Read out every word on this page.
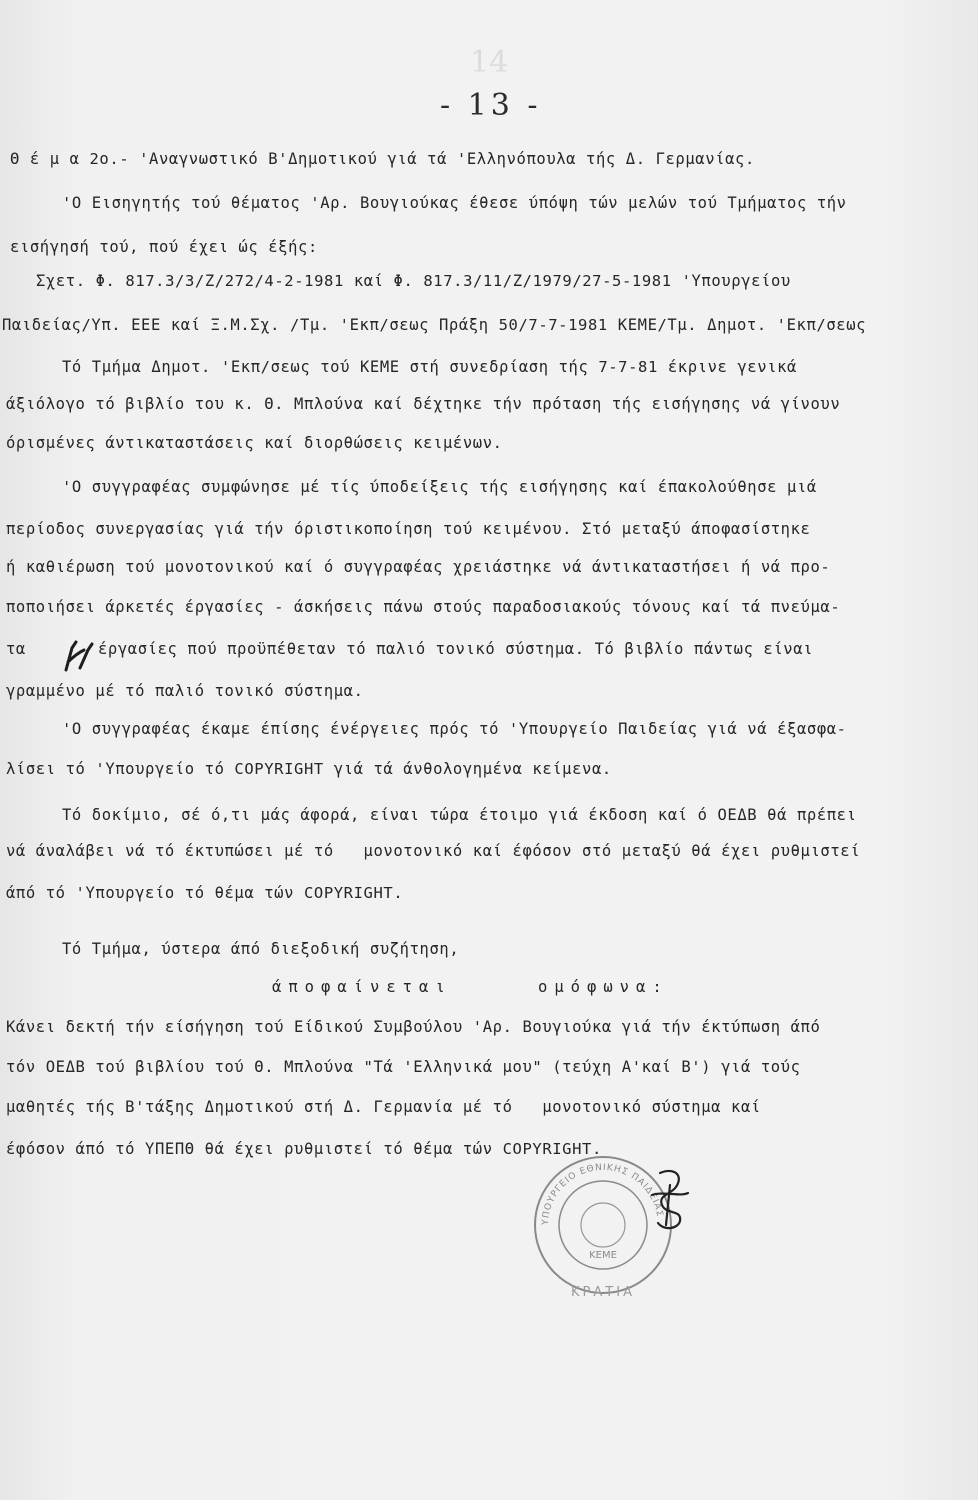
14
- 13 -
Θ έ μ α 2ο.- 'Αναγνωστικό Β'Δημοτικού γιά τά 'Ελληνόπουλα τής Δ. Γερμανίας.
'Ο Εισηγητής τού θέματος 'Αρ. Βουγιούκας έθεσε ύπόψη τών μελών τού Τμήματος τήν
εισήγησή τού, πού έχει ώς έξής:
Σχετ. Φ. 817.3/3/Ζ/272/4-2-1981 καί Φ. 817.3/11/Ζ/1979/27-5-1981 'Υπουργείου
Παιδείας/Υπ. ΕΕΕ καί Ξ.Μ.Σχ. /Τμ. 'Εκπ/σεως Πράξη 50/7-7-1981 ΚΕΜΕ/Τμ. Δημοτ. 'Εκπ/σεως
Τό Τμήμα Δημοτ. 'Εκπ/σεως τού ΚΕΜΕ στή συνεδρίαση τής 7-7-81 έκρινε γενικά
άξιόλογο τό βιβλίο του κ. Θ. Μπλούνα καί δέχτηκε τήν πρόταση τής εισήγησης νά γίνουν
όρισμένες άντικαταστάσεις καί διορθώσεις κειμένων.
'Ο συγγραφέας συμφώνησε μέ τίς ύποδείξεις τής εισήγησης καί έπακολούθησε μιά
περίοδος συνεργασίας γιά τήν όριστικοποίηση τού κειμένου. Στό μεταξύ άποφασίστηκε
ή καθιέρωση τού μονοτονικού καί ό συγγραφέας χρειάστηκε νά άντικαταστήσει ή νά προ-
ποποιήσει άρκετές έργασίες - άσκήσεις πάνω στούς παραδοσιακούς τόνους καί τά πνεύμα-
τα	έργασίες πού προϋπέθεταν τό παλιό τονικό σύστημα. Τό βιβλίο πάντως είναι
γραμμένο μέ τό παλιό τονικό σύστημα.
'Ο συγγραφέας έκαμε έπίσης ένέργειες πρός τό 'Υπουργείο Παιδείας γιά νά έξασφα-
λίσει τό 'Υπουργείο τό COPYRIGHT γιά τά άνθολογημένα κείμενα.
Τό δοκίμιο, σέ ό,τι μάς άφορά, είναι τώρα έτοιμο γιά έκδοση καί ό ΟΕΔΒ θά πρέπει
νά άναλάβει νά τό έκτυπώσει μέ τό   μονοτονικό καί έφόσον στό μεταξύ θά έχει ρυθμιστεί
άπό τό 'Υπουργείο τό θέμα τών COPYRIGHT.
Τό Τμήμα, ύστερα άπό διεξοδική συζήτηση,
άποφαίνεται	ομόφωνα:
Κάνει δεκτή τήν είσήγηση τού Είδικού Συμβούλου 'Αρ. Βουγιούκα γιά τήν έκτύπωση άπό
τόν ΟΕΔΒ τού βιβλίου τού Θ. Μπλούνα "Τά 'Ελληνικά μου" (τεύχη Α'καί Β') γιά τούς
μαθητές τής Β'τάξης Δημοτικού στή Δ. Γερμανία μέ τό   μονοτονικό σύστημα καί
έφόσον άπό τό ΥΠΕΠΘ θά έχει ρυθμιστεί τό θέμα τών COPYRIGHT.
ΥΠΟΥΡΓΕΙΟ ΕΘΝΙΚΗΣ ΠΑΙΔΕΙΑΣ
ΚΕΜΕ
ΚΡΑΤΙΑ
